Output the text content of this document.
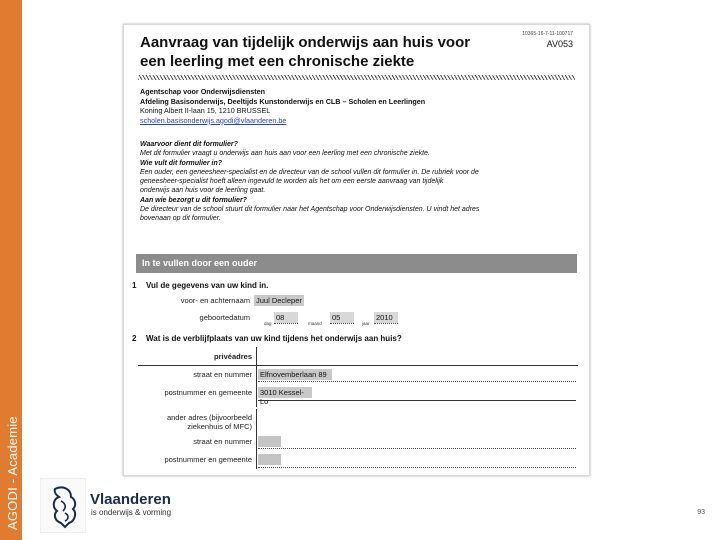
AGODI - Academie
Aanvraag van tijdelijk onderwijs aan huis voor een leerling met een chronische ziekte
10365-16-7-11-100717
AV053
Agentschap voor Onderwijsdiensten
Afdeling Basisonderwijs, Deeltijds Kunstonderwijs en CLB – Scholen en Leerlingen
Koning Albert II-laan 15, 1210 BRUSSEL
scholen.basisonderwijs.agodi@vlaanderen.be
Waarvoor dient dit formulier?
Met dit formulier vraagt u onderwijs aan huis aan voor een leerling met een chronische ziekte.
Wie vult dit formulier in?
Een ouder, een geneesheer-specialist en de directeur van de school vullen dit formulier in. De rubriek voor de
geneesheer-specialist hoeft alleen ingevuld te worden als het om een eerste aanvraag van tijdelijk
onderwijs aan huis voor de leerling gaat.
Aan wie bezorgt u dit formulier?
De directeur van de school stuurt dit formulier naar het Agentschap voor Onderwijsdiensten. U vindt het adres
bovenaan op dit formulier.
In te vullen door een ouder
1 Vul de gegevens van uw kind in.
voor- en achternaam Juul Decleper
geboortedatum
dag
08
maand
05
jaar
2010
2 Wat is de verblijfplaats van uw kind tijdens het onderwijs aan huis?
privéadres
straat en nummer Elfnovemberlaan 89
postnummer en gemeente 3010 Kessel-Lo
ander adres (bijvoorbeeld ziekenhuis of MFC)
straat en nummer
postnummer en gemeente
Vlaanderen
is onderwijs & vorming	93
